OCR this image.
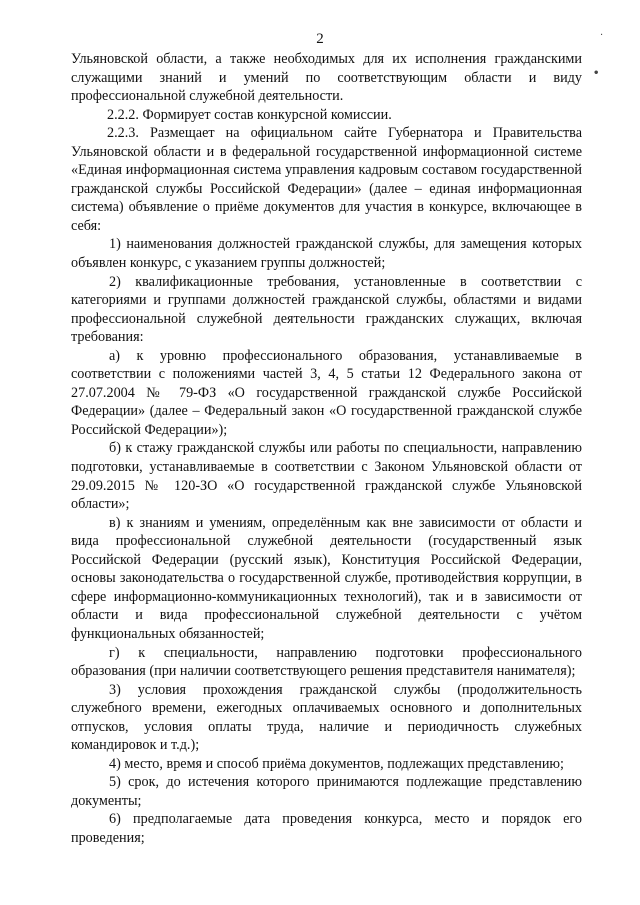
2

Ульяновской области, а также необходимых для их исполнения гражданскими служащими знаний и умений по соответствующим области и виду профессиональной служебной деятельности.

2.2.2. Формирует состав конкурсной комиссии.

2.2.3. Размещает на официальном сайте Губернатора и Правительства Ульяновской области и в федеральной государственной информационной системе «Единая информационная система управления кадровым составом государственной гражданской службы Российской Федерации» (далее – единая информационная система) объявление о приёме документов для участия в конкурсе, включающее в себя:

1) наименования должностей гражданской службы, для замещения которых объявлен конкурс, с указанием группы должностей;

2) квалификационные требования, установленные в соответствии с категориями и группами должностей гражданской службы, областями и видами профессиональной служебной деятельности гражданских служащих, включая требования:

а) к уровню профессионального образования, устанавливаемые в соответствии с положениями частей 3, 4, 5 статьи 12 Федерального закона от 27.07.2004 № 79-ФЗ «О государственной гражданской службе Российской Федерации» (далее – Федеральный закон «О государственной гражданской службе Российской Федерации»);

б) к стажу гражданской службы или работы по специальности, направлению подготовки, устанавливаемые в соответствии с Законом Ульяновской области от 29.09.2015 № 120-ЗО «О государственной гражданской службе Ульяновской области»;

в) к знаниям и умениям, определённым как вне зависимости от области и вида профессиональной служебной деятельности (государственный язык Российской Федерации (русский язык), Конституция Российской Федерации, основы законодательства о государственной службе, противодействия коррупции, в сфере информационно-коммуникационных технологий), так и в зависимости от области и вида профессиональной служебной деятельности с учётом функциональных обязанностей;

г) к специальности, направлению подготовки профессионального образования (при наличии соответствующего решения представителя нанимателя);

3) условия прохождения гражданской службы (продолжительность служебного времени, ежегодных оплачиваемых основного и дополнительных отпусков, условия оплаты труда, наличие и периодичность служебных командировок и т.д.);

4) место, время и способ приёма документов, подлежащих представлению;

5) срок, до истечения которого принимаются подлежащие представлению документы;

6) предполагаемые дата проведения конкурса, место и порядок его проведения;

·
•
